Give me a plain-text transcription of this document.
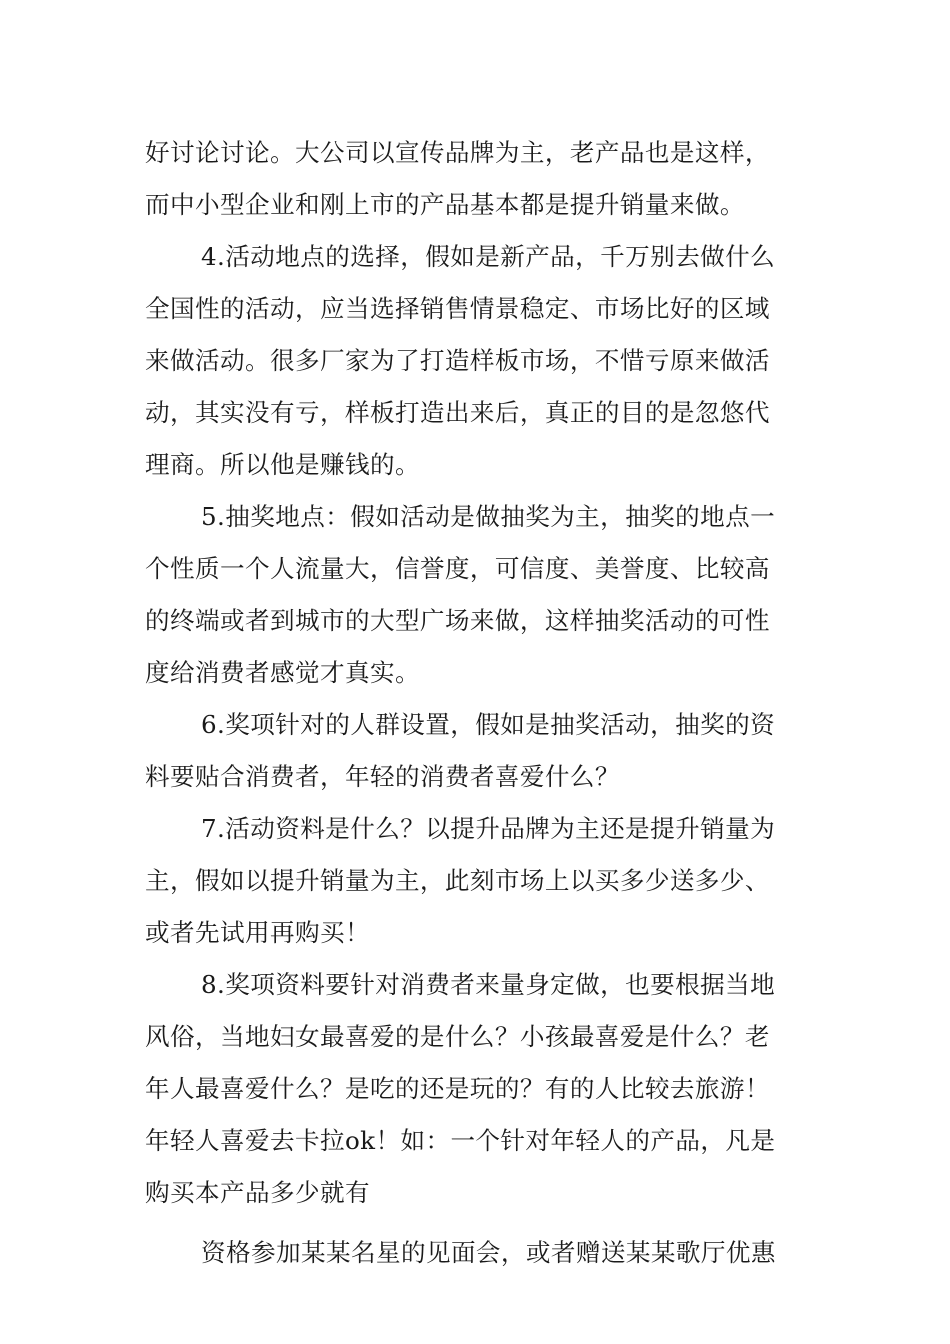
好讨论讨论。大公司以宣传品牌为主，老产品也是这样，
而中小型企业和刚上市的产品基本都是提升销量来做。
4.活动地点的选择，假如是新产品，千万别去做什么
全国性的活动，应当选择销售情景稳定、市场比好的区域
来做活动。很多厂家为了打造样板市场，不惜亏原来做活
动，其实没有亏，样板打造出来后，真正的目的是忽悠代
理商。所以他是赚钱的。
5.抽奖地点：假如活动是做抽奖为主，抽奖的地点一
个性质一个人流量大，信誉度，可信度、美誉度、比较高
的终端或者到城市的大型广场来做，这样抽奖活动的可性
度给消费者感觉才真实。
6.奖项针对的人群设置，假如是抽奖活动，抽奖的资
料要贴合消费者，年轻的消费者喜爱什么？
7.活动资料是什么？以提升品牌为主还是提升销量为
主，假如以提升销量为主，此刻市场上以买多少送多少、
或者先试用再购买！
8.奖项资料要针对消费者来量身定做，也要根据当地
风俗，当地妇女最喜爱的是什么？小孩最喜爱是什么？老
年人最喜爱什么？是吃的还是玩的？有的人比较去旅游！
年轻人喜爱去卡拉ok！如：一个针对年轻人的产品，凡是
购买本产品多少就有
资格参加某某名星的见面会，或者赠送某某歌厅优惠
